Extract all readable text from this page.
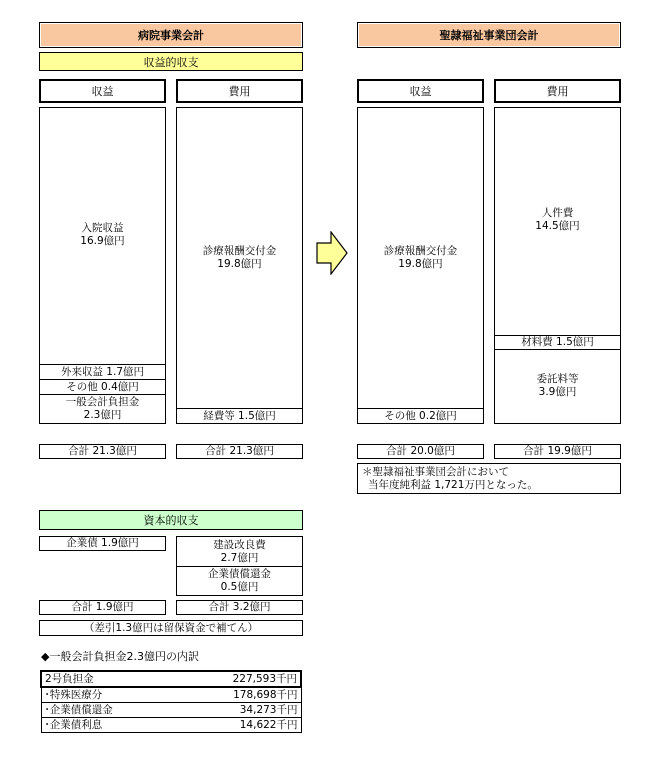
病院事業会計
収益的収支
収益	費用
入院収益
16.9億円
外来収益 1.7億円
その他 0.4億円
一般会計負担金
2.3億円
診療報酬交付金
19.8億円
経費等 1.5億円
合計 21.3億円	合計 21.3億円
聖隷福祉事業団会計
収益	費用
診療報酬交付金
19.8億円
その他 0.2億円
人件費
14.5億円
材料費 1.5億円
委託料等
3.9億円
合計 20.0億円	合計 19.9億円
＊聖隷福祉事業団会計において
当年度純利益 1,721万円となった。
資本的収支
企業債 1.9億円	建設改良費
2.7億円
企業債償還金
0.5億円
合計 1.9億円	合計 3.2億円
（差引1.3億円は留保資金で補てん）
◆一般会計負担金2.3億円の内訳
2号負担金	227,593千円
･特殊医療分	178,698千円
･企業債償還金	34,273千円
･企業債利息	14,622千円
